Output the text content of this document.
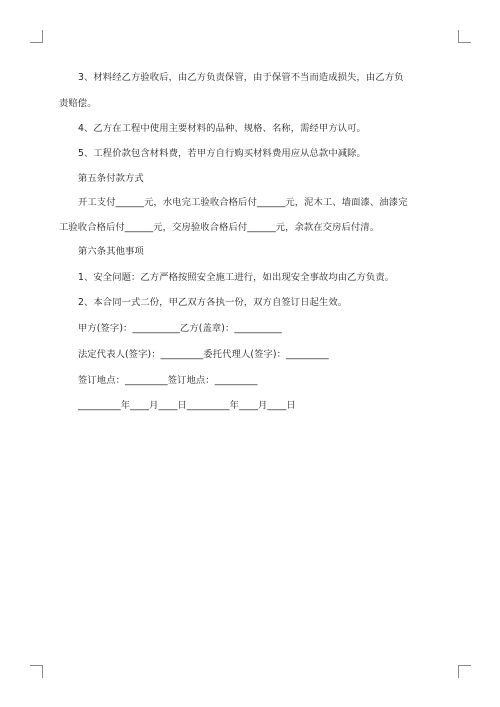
3、材料经乙方验收后，由乙方负责保管，由于保管不当而造成损失，由乙方负
责赔偿。
4、乙方在工程中使用主要材料的品种、规格、名称，需经甲方认可。
5、工程价款包含材料费，若甲方自行购买材料费用应从总款中减除。
第五条付款方式
开工支付______元，水电完工验收合格后付______元，泥木工、墙面漆、油漆完
工验收合格后付______元，交房验收合格后付______元，余款在交房后付清。
第六条其他事项
1、安全问题：乙方严格按照安全施工进行，如出现安全事故均由乙方负责。
2、本合同一式二份，甲乙双方各执一份，双方自签订日起生效。
甲方(签字)：__________乙方(盖章)：__________
法定代表人(签字)：_________委托代理人(签字)：_________
签订地点：_________签订地点：_________
_________年____月____日_________年____月____日
